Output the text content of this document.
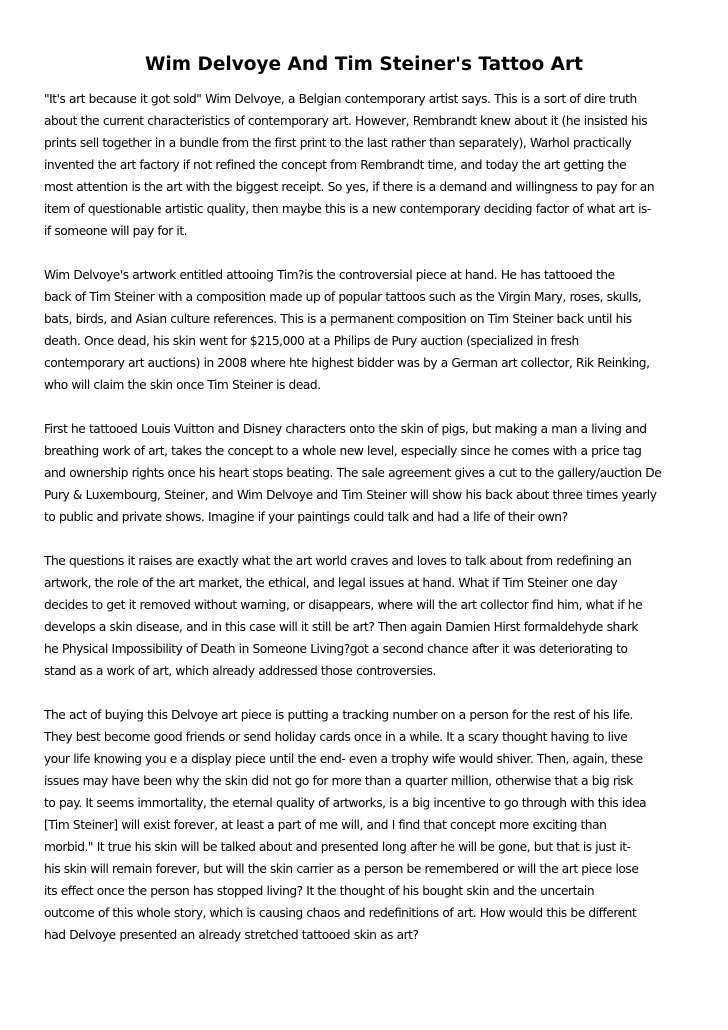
Wim Delvoye And Tim Steiner's Tattoo Art
"It's art because it got sold" Wim Delvoye, a Belgian contemporary artist says. This is a sort of dire truth
about the current characteristics of contemporary art. However, Rembrandt knew about it (he insisted his
prints sell together in a bundle from the first print to the last rather than separately), Warhol practically
invented the art factory if not refined the concept from Rembrandt time, and today the art getting the
most attention is the art with the biggest receipt. So yes, if there is a demand and willingness to pay for an
item of questionable artistic quality, then maybe this is a new contemporary deciding factor of what art is-
if someone will pay for it.
Wim Delvoye's artwork entitled attooing Tim?is the controversial piece at hand. He has tattooed the
back of Tim Steiner with a composition made up of popular tattoos such as the Virgin Mary, roses, skulls,
bats, birds, and Asian culture references. This is a permanent composition on Tim Steiner back until his
death. Once dead, his skin went for $215,000 at a Philips de Pury auction (specialized in fresh
contemporary art auctions) in 2008 where hte highest bidder was by a German art collector, Rik Reinking,
who will claim the skin once Tim Steiner is dead.
First he tattooed Louis Vuitton and Disney characters onto the skin of pigs, but making a man a living and
breathing work of art, takes the concept to a whole new level, especially since he comes with a price tag
and ownership rights once his heart stops beating. The sale agreement gives a cut to the gallery/auction De
Pury & Luxembourg, Steiner, and Wim Delvoye and Tim Steiner will show his back about three times yearly
to public and private shows. Imagine if your paintings could talk and had a life of their own?
The questions it raises are exactly what the art world craves and loves to talk about from redefining an
artwork, the role of the art market, the ethical, and legal issues at hand. What if Tim Steiner one day
decides to get it removed without warning, or disappears, where will the art collector find him, what if he
develops a skin disease, and in this case will it still be art? Then again Damien Hirst formaldehyde shark
he Physical Impossibility of Death in Someone Living?got a second chance after it was deteriorating to
stand as a work of art, which already addressed those controversies.
The act of buying this Delvoye art piece is putting a tracking number on a person for the rest of his life.
They best become good friends or send holiday cards once in a while. It a scary thought having to live
your life knowing you e a display piece until the end- even a trophy wife would shiver. Then, again, these
issues may have been why the skin did not go for more than a quarter million, otherwise that a big risk
to pay. It seems immortality, the eternal quality of artworks, is a big incentive to go through with this idea
[Tim Steiner] will exist forever, at least a part of me will, and I find that concept more exciting than
morbid." It true his skin will be talked about and presented long after he will be gone, but that is just it-
his skin will remain forever, but will the skin carrier as a person be remembered or will the art piece lose
its effect once the person has stopped living? It the thought of his bought skin and the uncertain
outcome of this whole story, which is causing chaos and redefinitions of art. How would this be different
had Delvoye presented an already stretched tattooed skin as art?
